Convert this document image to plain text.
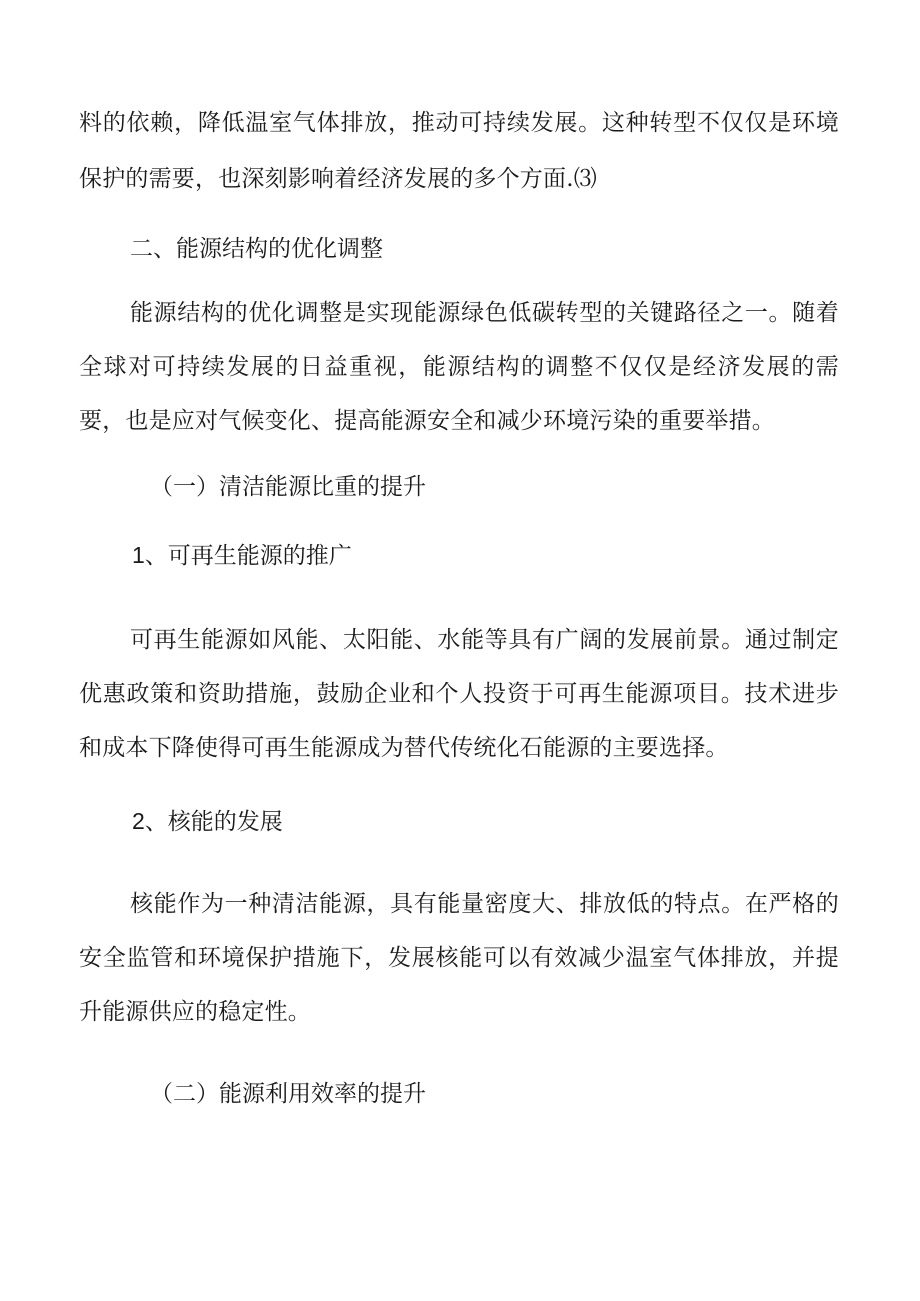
料的依赖，降低温室气体排放，推动可持续发展。这种转型不仅仅是环境
保护的需要，也深刻影响着经济发展的多个方面.⑶
二、能源结构的优化调整
能源结构的优化调整是实现能源绿色低碳转型的关键路径之一。随着
全球对可持续发展的日益重视，能源结构的调整不仅仅是经济发展的需
要，也是应对气候变化、提高能源安全和减少环境污染的重要举措。
（一）清洁能源比重的提升
1、可再生能源的推广
可再生能源如风能、太阳能、水能等具有广阔的发展前景。通过制定
优惠政策和资助措施，鼓励企业和个人投资于可再生能源项目。技术进步
和成本下降使得可再生能源成为替代传统化石能源的主要选择。
2、核能的发展
核能作为一种清洁能源，具有能量密度大、排放低的特点。在严格的
安全监管和环境保护措施下，发展核能可以有效减少温室气体排放，并提
升能源供应的稳定性。
（二）能源利用效率的提升
